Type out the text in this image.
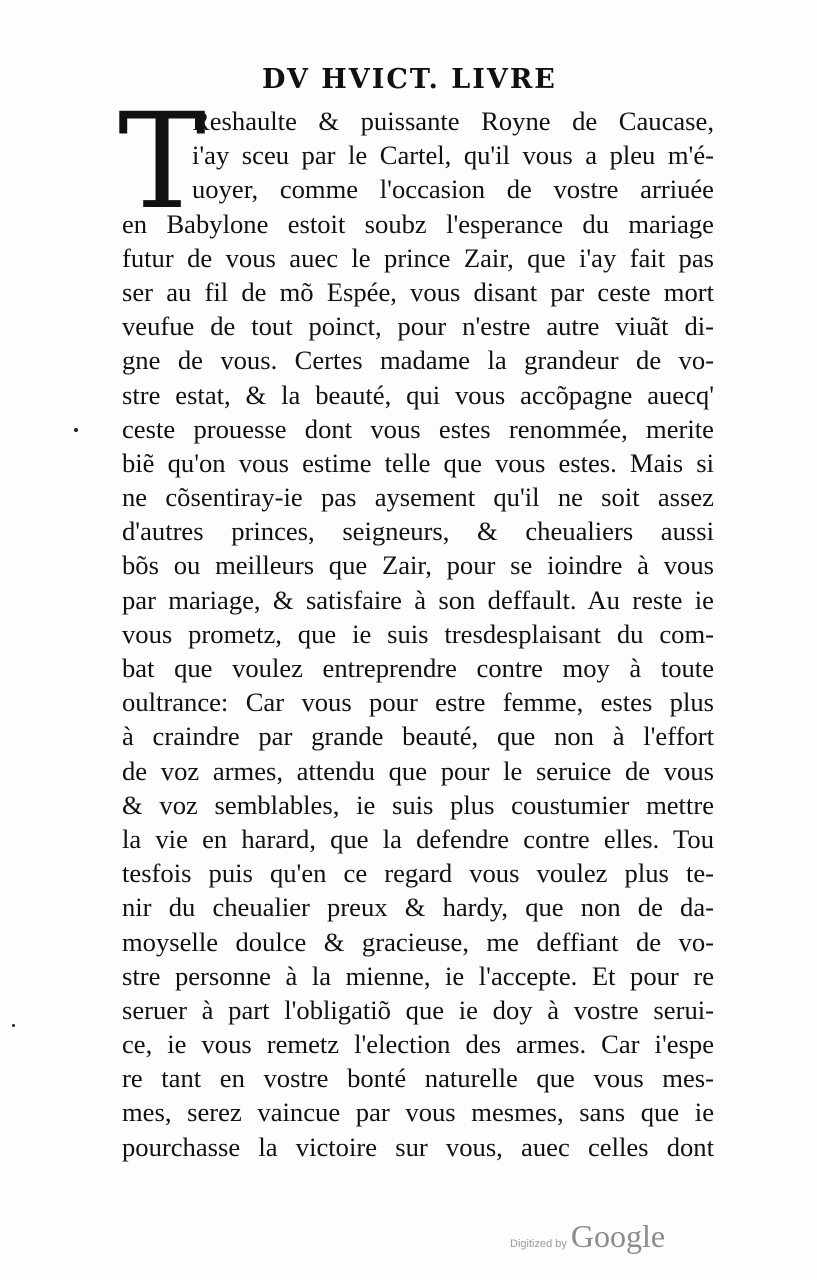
DV HVICT. LIVRE
T
Reshaulte & puissante Royne de Caucase,
i'ay sceu par le Cartel, qu'il vous a pleu m'é-
uoyer, comme l'occasion de vostre arriuée
en Babylone estoit soubz l'esperance du mariage
futur de vous auec le prince Zair, que i'ay fait pas
ser au fil de mõ Espée, vous disant par ceste mort
veufue de tout poinct, pour n'estre autre viuãt di-
gne de vous. Certes madame la grandeur de vo-
stre estat, & la beauté, qui vous accõpagne auecq'
ceste prouesse dont vous estes renommée, merite
biẽ qu'on vous estime telle que vous estes. Mais si
ne cõsentiray-ie pas aysement qu'il ne soit assez
d'autres princes, seigneurs, & cheualiers aussi
bõs ou meilleurs que Zair, pour se ioindre à vous
par mariage, & satisfaire à son deffault. Au reste ie
vous prometz, que ie suis tresdesplaisant du com-
bat que voulez entreprendre contre moy à toute
oultrance: Car vous pour estre femme, estes plus
à craindre par grande beauté, que non à l'effort
de voz armes, attendu que pour le seruice de vous
& voz semblables, ie suis plus coustumier mettre
la vie en harard, que la defendre contre elles. Tou
tesfois puis qu'en ce regard vous voulez plus te-
nir du cheualier preux & hardy, que non de da-
moyselle doulce & gracieuse, me deffiant de vo-
stre personne à la mienne, ie l'accepte. Et pour re
seruer à part l'obligatiõ que ie doy à vostre serui-
ce, ie vous remetz l'election des armes. Car i'espe
re tant en vostre bonté naturelle que vous mes-
mes, serez vaincue par vous mesmes, sans que ie
pourchasse la victoire sur vous, auec celles dont
Digitized by Google
